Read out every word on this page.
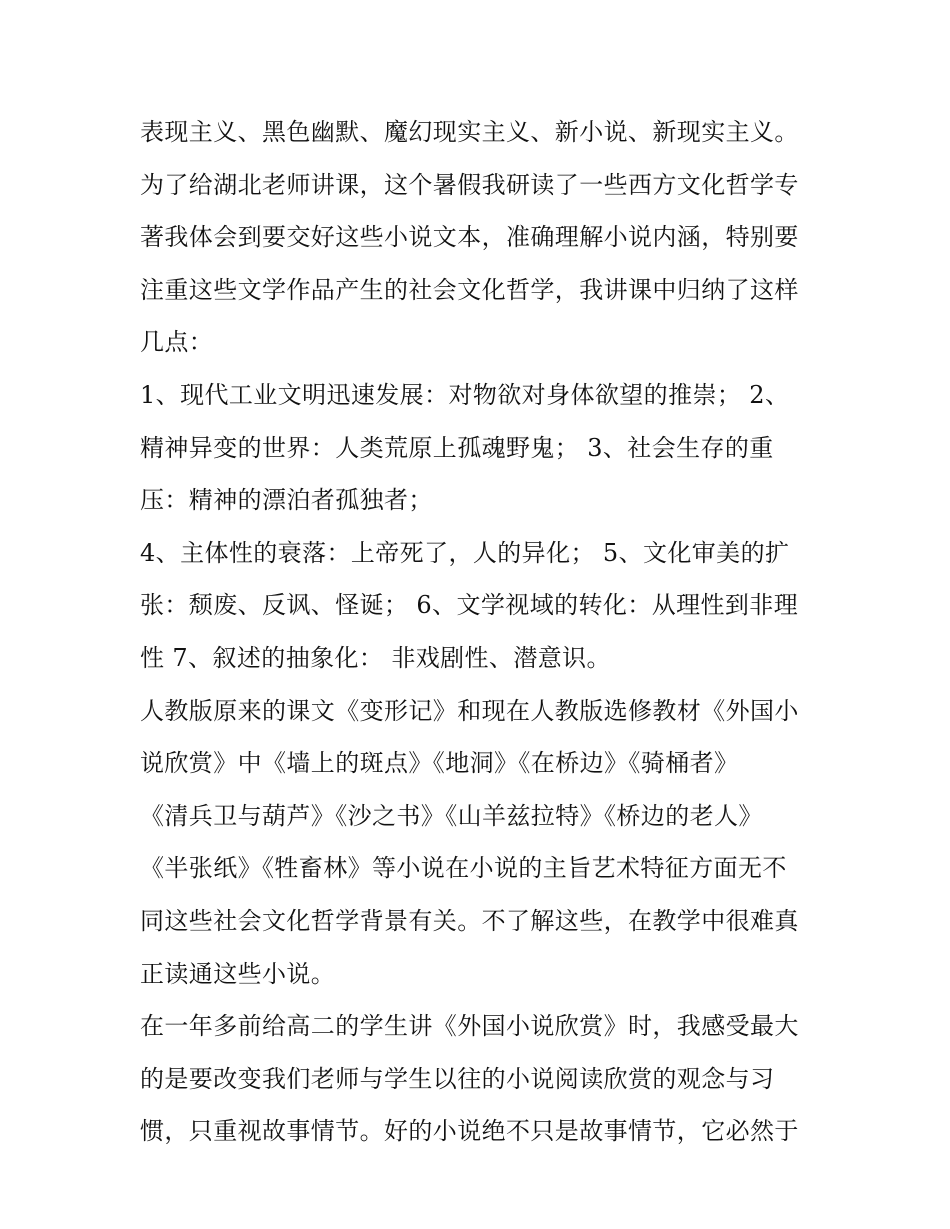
表现主义、黑色幽默、魔幻现实主义、新小说、新现实主义。
为了给湖北老师讲课，这个暑假我研读了一些西方文化哲学专
著我体会到要交好这些小说文本，准确理解小说内涵，特别要
注重这些文学作品产生的社会文化哲学，我讲课中归纳了这样
几点：
1、现代工业文明迅速发展：对物欲对身体欲望的推崇； 2、
精神异变的世界：人类荒原上孤魂野鬼； 3、社会生存的重
压：精神的漂泊者孤独者；
4、主体性的衰落：上帝死了，人的异化； 5、文化审美的扩
张：颓废、反讽、怪诞； 6、文学视域的转化：从理性到非理
性 7、叙述的抽象化： 非戏剧性、潜意识。
人教版原来的课文《变形记》和现在人教版选修教材《外国小
说欣赏》中《墙上的斑点》《地洞》《在桥边》《骑桶者》
《清兵卫与葫芦》《沙之书》《山羊兹拉特》《桥边的老人》
《半张纸》《牲畜林》等小说在小说的主旨艺术特征方面无不
同这些社会文化哲学背景有关。不了解这些，在教学中很难真
正读通这些小说。
在一年多前给高二的学生讲《外国小说欣赏》时，我感受最大
的是要改变我们老师与学生以往的小说阅读欣赏的观念与习
惯，只重视故事情节。好的小说绝不只是故事情节，它必然于
